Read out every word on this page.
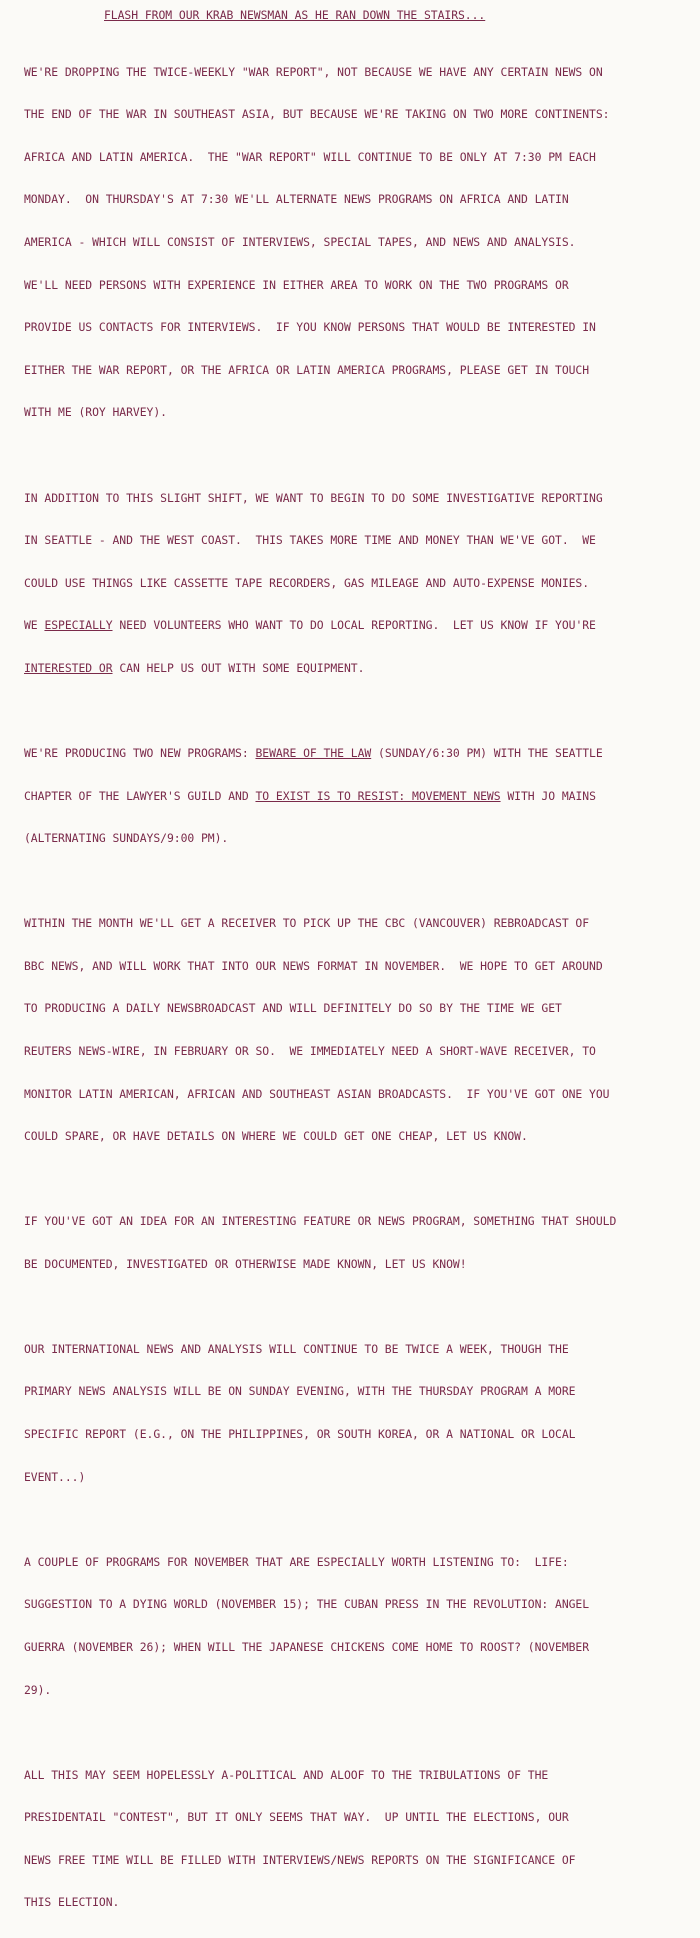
FLASH FROM OUR KRAB NEWSMAN AS HE RAN DOWN THE STAIRS...

WE'RE DROPPING THE TWICE-WEEKLY "WAR REPORT", NOT BECAUSE WE HAVE ANY CERTAIN NEWS ON

THE END OF THE WAR IN SOUTHEAST ASIA, BUT BECAUSE WE'RE TAKING ON TWO MORE CONTINENTS:

AFRICA AND LATIN AMERICA.  THE "WAR REPORT" WILL CONTINUE TO BE ONLY AT 7:30 PM EACH

MONDAY.  ON THURSDAY'S AT 7:30 WE'LL ALTERNATE NEWS PROGRAMS ON AFRICA AND LATIN

AMERICA - WHICH WILL CONSIST OF INTERVIEWS, SPECIAL TAPES, AND NEWS AND ANALYSIS.

WE'LL NEED PERSONS WITH EXPERIENCE IN EITHER AREA TO WORK ON THE TWO PROGRAMS OR

PROVIDE US CONTACTS FOR INTERVIEWS.  IF YOU KNOW PERSONS THAT WOULD BE INTERESTED IN

EITHER THE WAR REPORT, OR THE AFRICA OR LATIN AMERICA PROGRAMS, PLEASE GET IN TOUCH

WITH ME (ROY HARVEY).

IN ADDITION TO THIS SLIGHT SHIFT, WE WANT TO BEGIN TO DO SOME INVESTIGATIVE REPORTING

IN SEATTLE - AND THE WEST COAST.  THIS TAKES MORE TIME AND MONEY THAN WE'VE GOT.  WE

COULD USE THINGS LIKE CASSETTE TAPE RECORDERS, GAS MILEAGE AND AUTO-EXPENSE MONIES.

WE ESPECIALLY NEED VOLUNTEERS WHO WANT TO DO LOCAL REPORTING.  LET US KNOW IF YOU'RE

INTERESTED OR CAN HELP US OUT WITH SOME EQUIPMENT.

WE'RE PRODUCING TWO NEW PROGRAMS: BEWARE OF THE LAW (SUNDAY/6:30 PM) WITH THE SEATTLE

CHAPTER OF THE LAWYER'S GUILD AND TO EXIST IS TO RESIST: MOVEMENT NEWS WITH JO MAINS

(ALTERNATING SUNDAYS/9:00 PM).

WITHIN THE MONTH WE'LL GET A RECEIVER TO PICK UP THE CBC (VANCOUVER) REBROADCAST OF

BBC NEWS, AND WILL WORK THAT INTO OUR NEWS FORMAT IN NOVEMBER.  WE HOPE TO GET AROUND

TO PRODUCING A DAILY NEWSBROADCAST AND WILL DEFINITELY DO SO BY THE TIME WE GET

REUTERS NEWS-WIRE, IN FEBRUARY OR SO.  WE IMMEDIATELY NEED A SHORT-WAVE RECEIVER, TO

MONITOR LATIN AMERICAN, AFRICAN AND SOUTHEAST ASIAN BROADCASTS.  IF YOU'VE GOT ONE YOU

COULD SPARE, OR HAVE DETAILS ON WHERE WE COULD GET ONE CHEAP, LET US KNOW.

IF YOU'VE GOT AN IDEA FOR AN INTERESTING FEATURE OR NEWS PROGRAM, SOMETHING THAT SHOULD

BE DOCUMENTED, INVESTIGATED OR OTHERWISE MADE KNOWN, LET US KNOW!

OUR INTERNATIONAL NEWS AND ANALYSIS WILL CONTINUE TO BE TWICE A WEEK, THOUGH THE

PRIMARY NEWS ANALYSIS WILL BE ON SUNDAY EVENING, WITH THE THURSDAY PROGRAM A MORE

SPECIFIC REPORT (E.G., ON THE PHILIPPINES, OR SOUTH KOREA, OR A NATIONAL OR LOCAL

EVENT...)

A COUPLE OF PROGRAMS FOR NOVEMBER THAT ARE ESPECIALLY WORTH LISTENING TO:  LIFE:

SUGGESTION TO A DYING WORLD (NOVEMBER 15); THE CUBAN PRESS IN THE REVOLUTION: ANGEL

GUERRA (NOVEMBER 26); WHEN WILL THE JAPANESE CHICKENS COME HOME TO ROOST? (NOVEMBER

29).

ALL THIS MAY SEEM HOPELESSLY A-POLITICAL AND ALOOF TO THE TRIBULATIONS OF THE

PRESIDENTAIL "CONTEST", BUT IT ONLY SEEMS THAT WAY.  UP UNTIL THE ELECTIONS, OUR

NEWS FREE TIME WILL BE FILLED WITH INTERVIEWS/NEWS REPORTS ON THE SIGNIFICANCE OF

THIS ELECTION.
